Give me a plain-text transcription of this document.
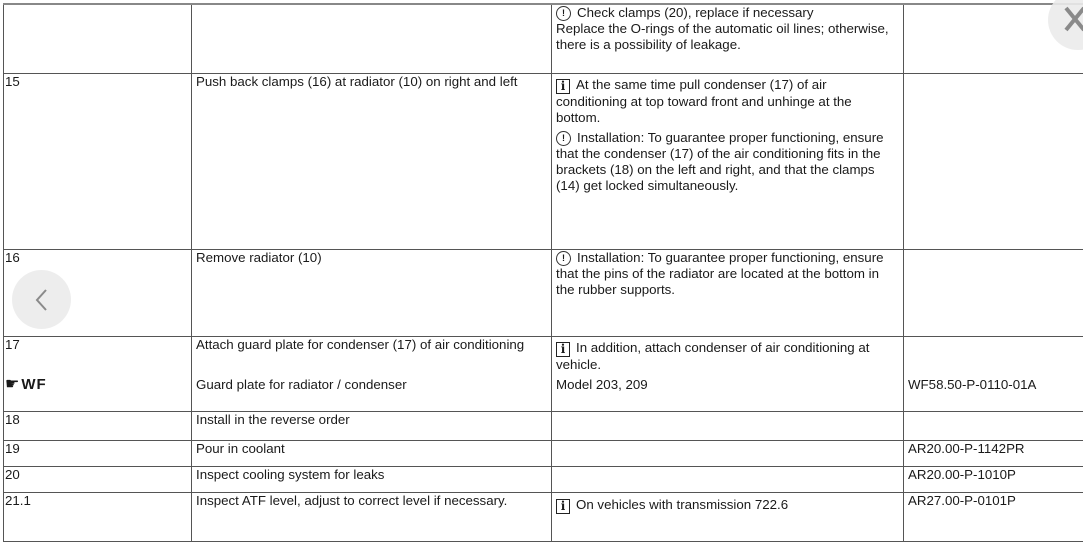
		! Check clamps (20), replace if necessary
Replace the O-rings of the automatic oil lines; otherwise, there is a possibility of leakage.	

15	Push back clamps (16) at radiator (10) on right and left	i At the same time pull condenser (17) of air conditioning at top toward front and unhinge at the bottom.
! Installation: To guarantee proper functioning, ensure that the condenser (17) of the air conditioning fits in the brackets (18) on the left and right, and that the clamps (14) get locked simultaneously.	

16	Remove radiator (10)	! Installation: To guarantee proper functioning, ensure that the pins of the radiator are located at the bottom in the rubber supports.	

17	Attach guard plate for condenser (17) of air conditioning	i In addition, attach condenser of air conditioning at vehicle.	

☛ WF	Guard plate for radiator / condenser	Model 203, 209	WF58.50-P-0110-01A
18	Install in the reverse order		
19	Pour in coolant		AR20.00-P-1142PR
20	Inspect cooling system for leaks		AR20.00-P-1010P
21.1	Inspect ATF level, adjust to correct level if necessary.	i On vehicles with transmission 722.6	AR27.00-P-0101P
